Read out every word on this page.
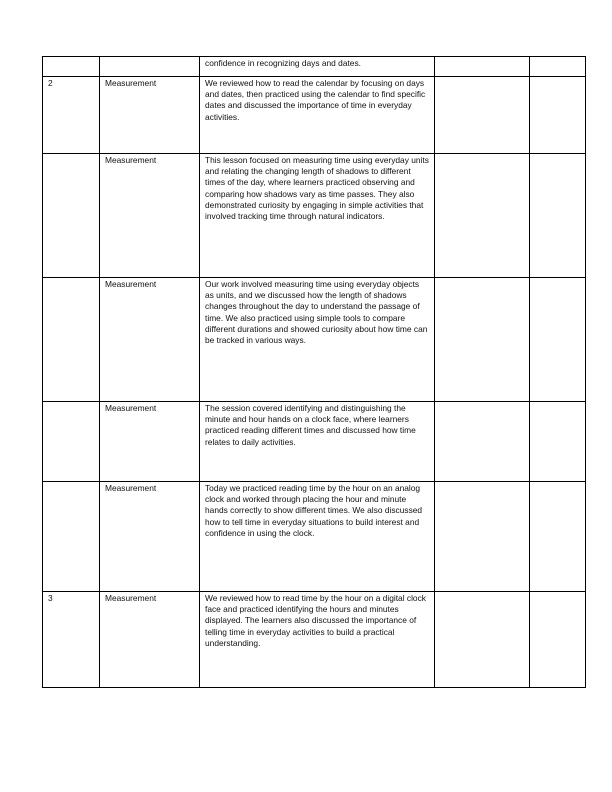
		confidence in recognizing days and dates.		
2	Measurement	We reviewed how to read the calendar by focusing on days and dates, then practiced using the calendar to find specific dates and discussed the importance of time in everyday activities.		
	Measurement	This lesson focused on measuring time using everyday units and relating the changing length of shadows to different times of the day, where learners practiced observing and comparing how shadows vary as time passes. They also demonstrated curiosity by engaging in simple activities that involved tracking time through natural indicators.		
	Measurement	Our work involved measuring time using everyday objects as units, and we discussed how the length of shadows changes throughout the day to understand the passage of time. We also practiced using simple tools to compare different durations and showed curiosity about how time can be tracked in various ways.		
	Measurement	The session covered identifying and distinguishing the minute and hour hands on a clock face, where learners practiced reading different times and discussed how time relates to daily activities.		
	Measurement	Today we practiced reading time by the hour on an analog clock and worked through placing the hour and minute hands correctly to show different times. We also discussed how to tell time in everyday situations to build interest and confidence in using the clock.		
3	Measurement	We reviewed how to read time by the hour on a digital clock face and practiced identifying the hours and minutes displayed. The learners also discussed the importance of telling time in everyday activities to build a practical understanding.		
